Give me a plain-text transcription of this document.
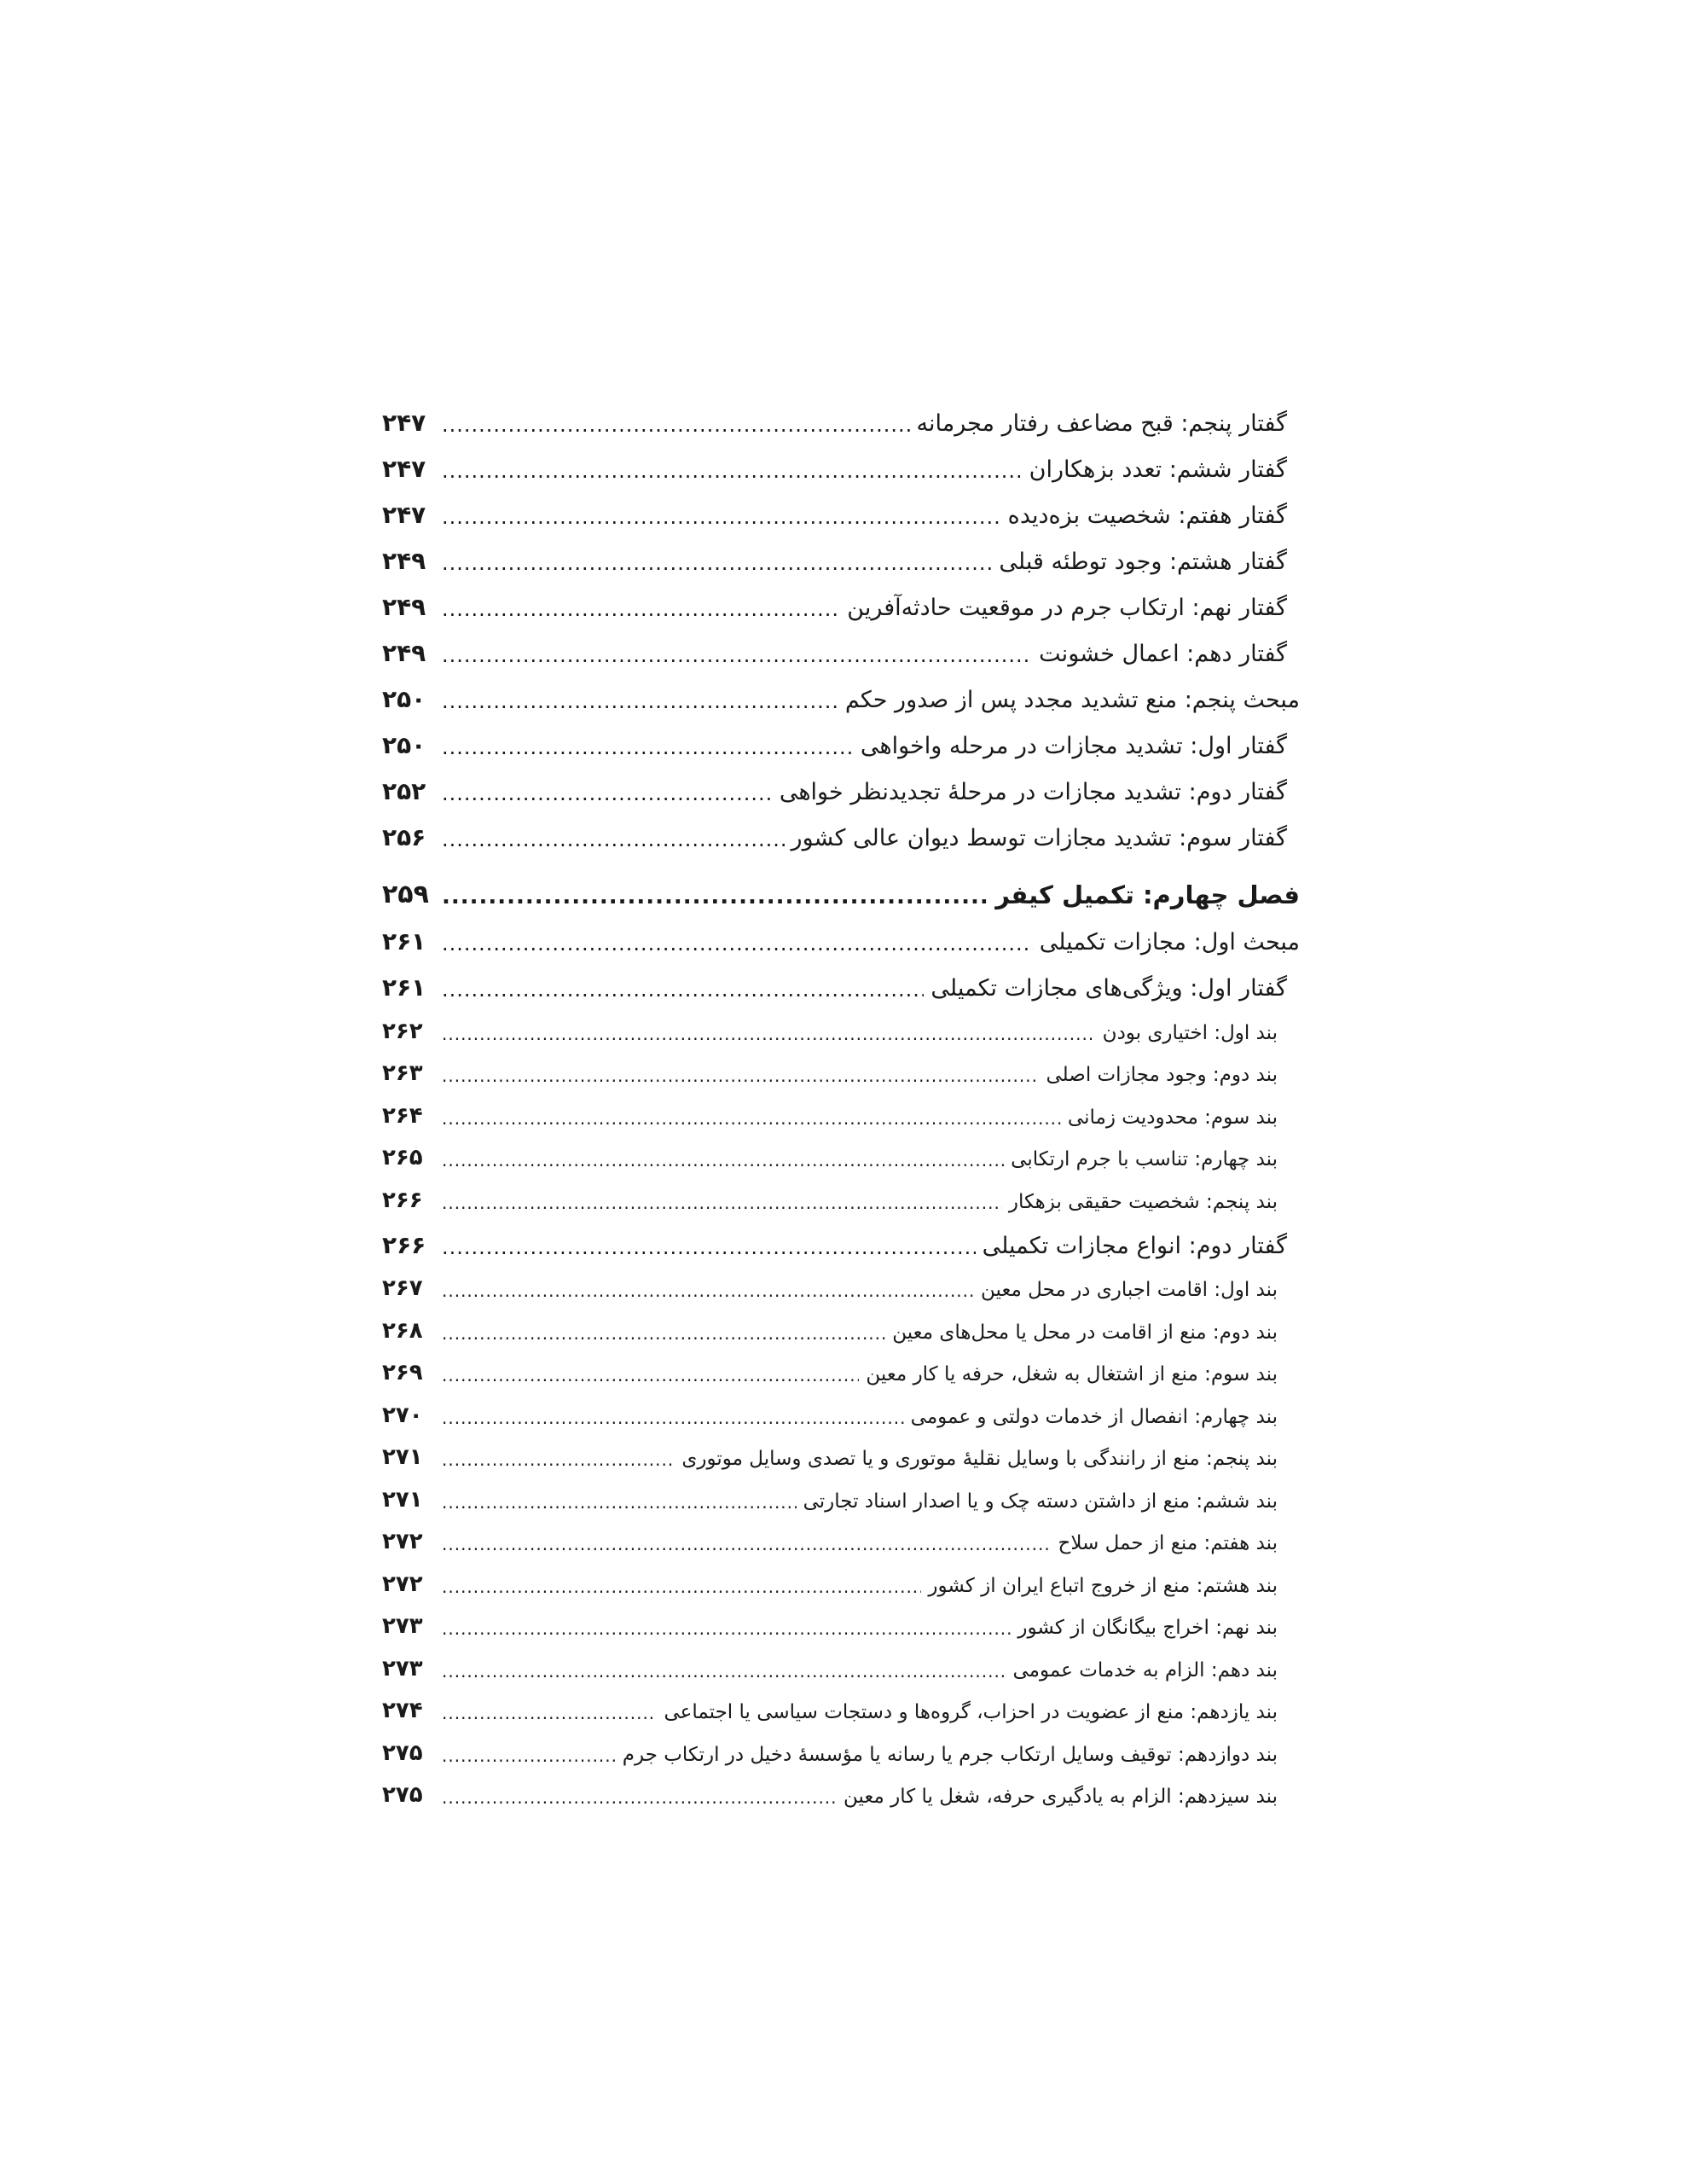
گفتار پنجم: قبح مضاعف رفتار مجرمانه
.....
۲۴۷
گفتار ششم: تعدد بزهکاران
.....
۲۴۷
گفتار هفتم: شخصیت بزه‌دیده
.....
۲۴۷
گفتار هشتم: وجود توطئه قبلی
.....
۲۴۹
گفتار نهم: ارتکاب جرم در موقعیت حادثه‌آفرین
.....
۲۴۹
گفتار دهم: اعمال خشونت
.....
۲۴۹
مبحث پنجم: منع تشدید مجدد پس از صدور حکم
.....
۲۵۰
گفتار اول: تشدید مجازات در مرحله واخواهی
.....
۲۵۰
گفتار دوم: تشدید مجازات در مرحلۀ تجدیدنظر خواهی
.....
۲۵۲
گفتار سوم: تشدید مجازات توسط دیوان عالی کشور
.....
۲۵۶
فصل چهارم: تکمیل کیفر
.....
۲۵۹
مبحث اول: مجازات تکمیلی
.....
۲۶۱
گفتار اول: ویژگی‌های مجازات تکمیلی
.....
۲۶۱
بند اول: اختیاری بودن
.....
۲۶۲
بند دوم: وجود مجازات اصلی
.....
۲۶۳
بند سوم: محدودیت زمانی
.....
۲۶۴
بند چهارم: تناسب با جرم ارتکابی
.....
۲۶۵
بند پنجم: شخصیت حقیقی بزهکار
.....
۲۶۶
گفتار دوم: انواع مجازات تکمیلی
.....
۲۶۶
بند اول: اقامت اجباری در محل معین
.....
۲۶۷
بند دوم: منع از اقامت در محل یا محل‌های معین
.....
۲۶۸
بند سوم: منع از اشتغال به شغل، حرفه یا کار معین
.....
۲۶۹
بند چهارم: انفصال از خدمات دولتی و عمومی
.....
۲۷۰
بند پنجم: منع از رانندگی با وسایل نقلیۀ موتوری و یا تصدی وسایل موتوری
.....
۲۷۱
بند ششم: منع از داشتن دسته چک و یا اصدار اسناد تجارتی
.....
۲۷۱
بند هفتم: منع از حمل سلاح
.....
۲۷۲
بند هشتم: منع از خروج اتباع ایران از کشور
.....
۲۷۲
بند نهم: اخراج بیگانگان از کشور
.....
۲۷۳
بند دهم: الزام به خدمات عمومی
.....
۲۷۳
بند یازدهم: منع از عضویت در احزاب، گروه‌ها و دستجات سیاسی یا اجتماعی
.....
۲۷۴
بند دوازدهم: توقیف وسایل ارتکاب جرم یا رسانه یا مؤسسۀ دخیل در ارتکاب جرم
.....
۲۷۵
بند سیزدهم: الزام به یادگیری حرفه، شغل یا کار معین
.....
۲۷۵
